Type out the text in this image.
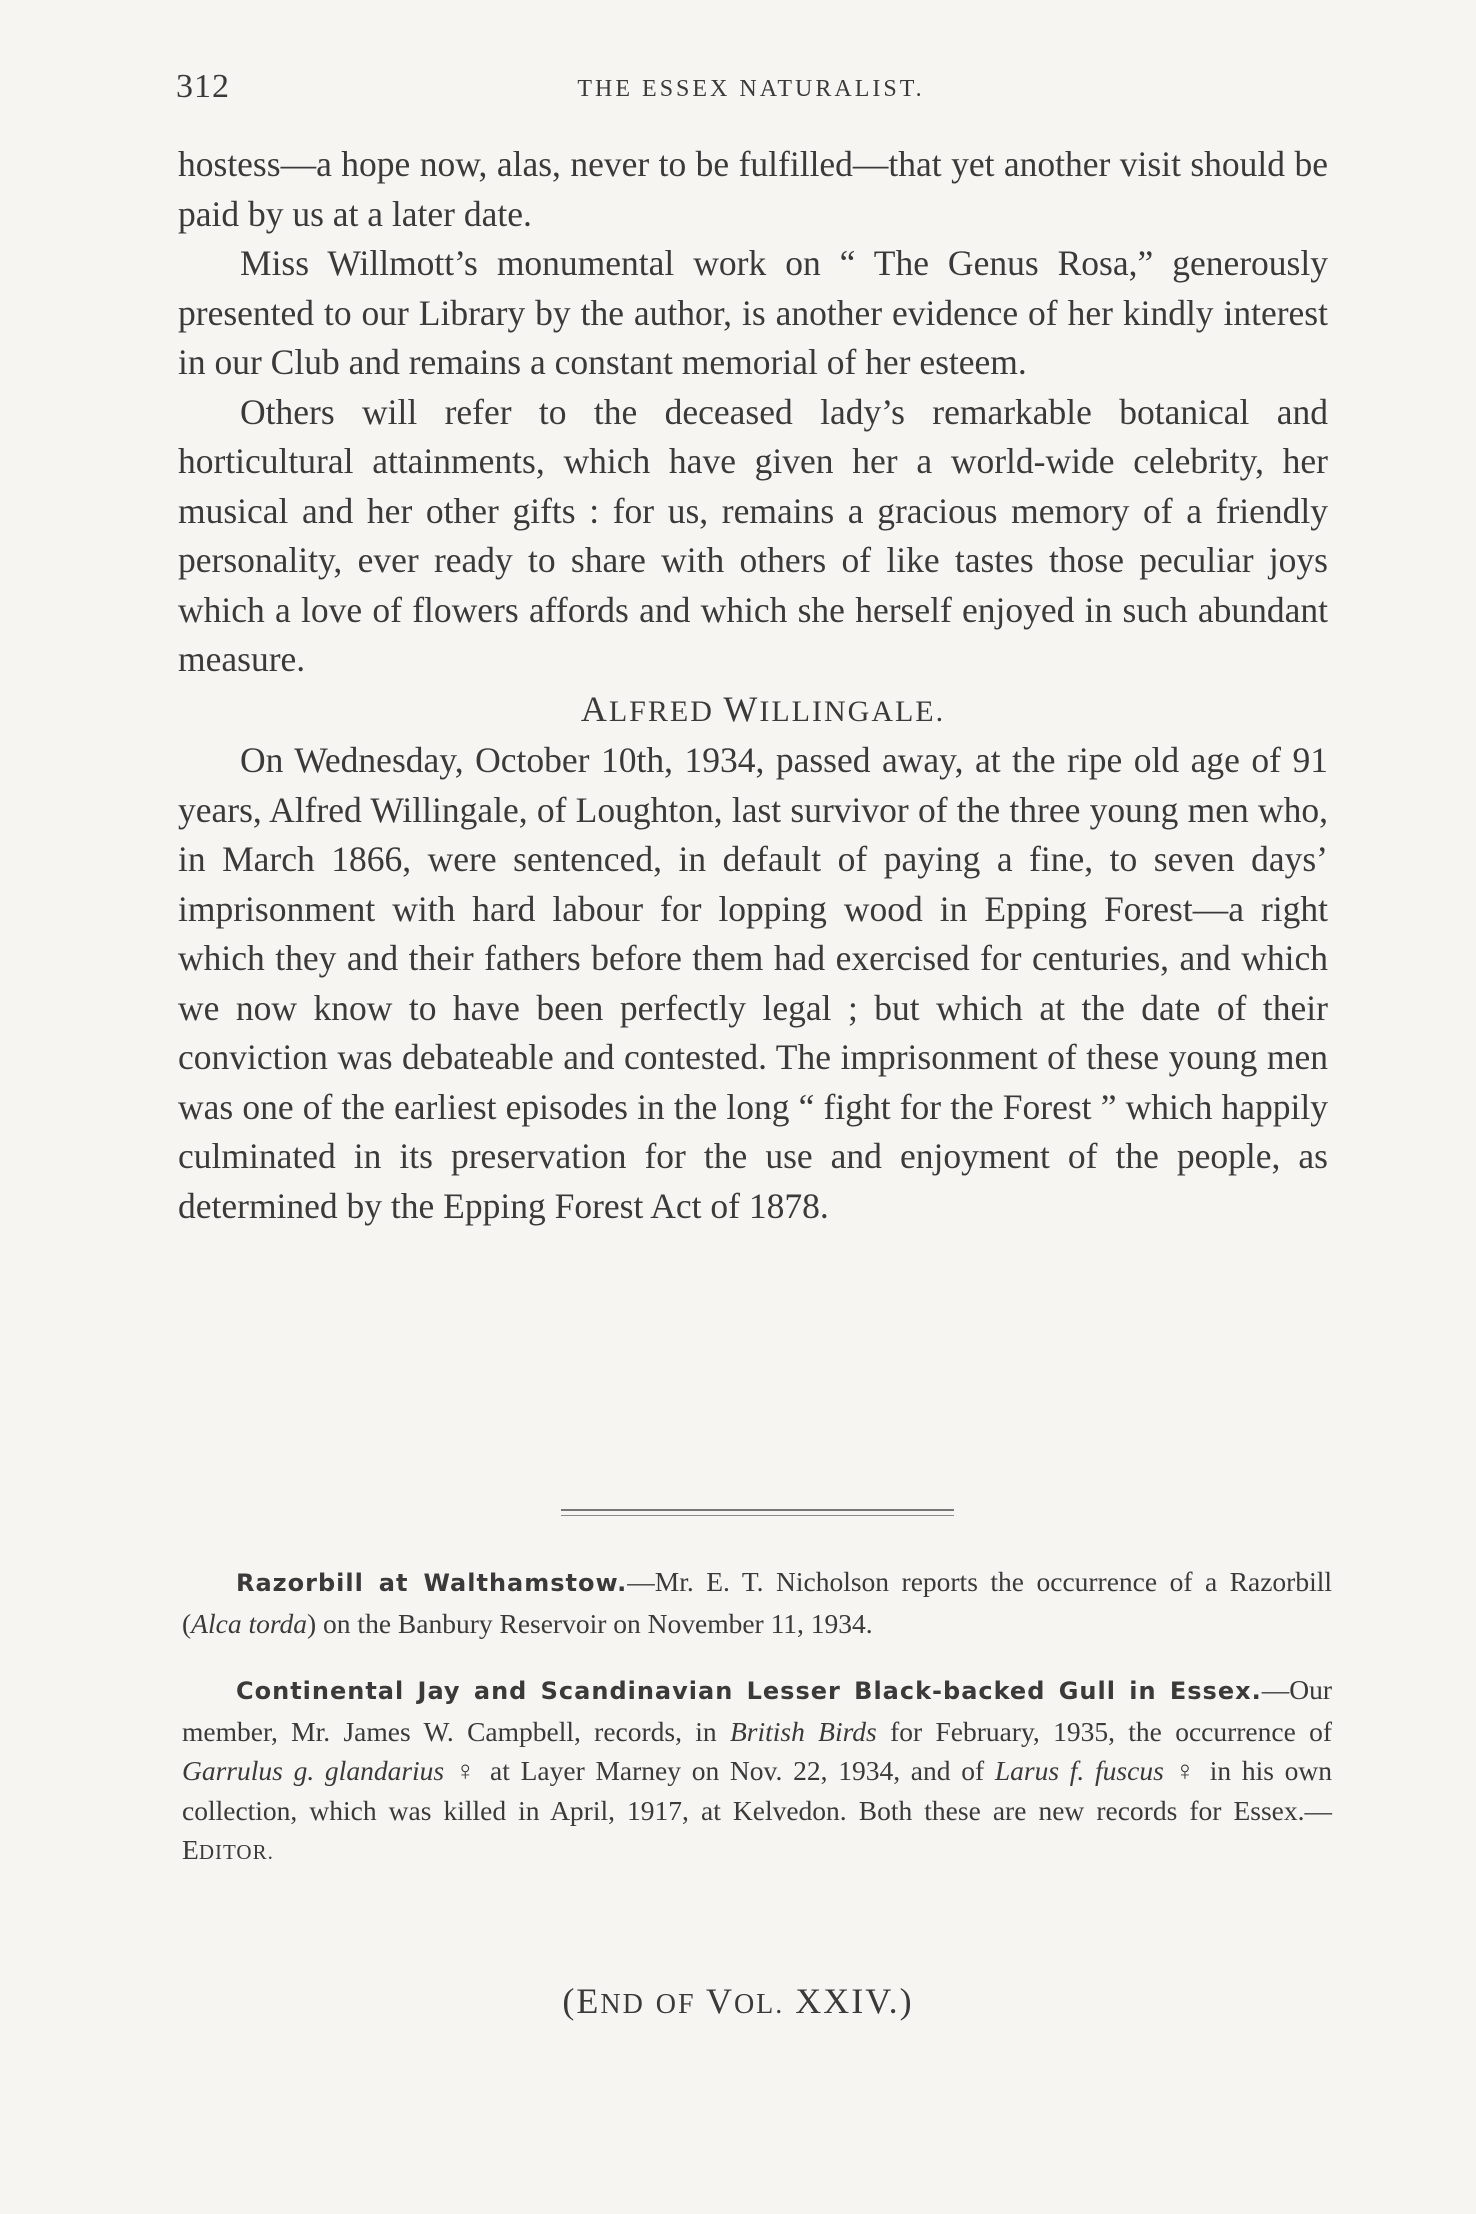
312	THE ESSEX NATURALIST.

hostess—a hope now, alas, never to be fulfilled—that yet another visit should be paid by us at a later date.

Miss Willmott’s monumental work on “ The Genus Rosa,” generously presented to our Library by the author, is another evidence of her kindly interest in our Club and remains a constant memorial of her esteem.

Others will refer to the deceased lady’s remarkable botanical and horticultural attainments, which have given her a world-wide celebrity, her musical and her other gifts : for us, remains a gracious memory of a friendly personality, ever ready to share with others of like tastes those peculiar joys which a love of flowers affords and which she herself enjoyed in such abundant measure.

ALFRED WILLINGALE.

On Wednesday, October 10th, 1934, passed away, at the ripe old age of 91 years, Alfred Willingale, of Loughton, last survivor of the three young men who, in March 1866, were sentenced, in default of paying a fine, to seven days’ imprisonment with hard labour for lopping wood in Epping Forest—a right which they and their fathers before them had exercised for centuries, and which we now know to have been perfectly legal ; but which at the date of their conviction was debateable and contested. The imprisonment of these young men was one of the earliest episodes in the long “ fight for the Forest ” which happily culminated in its preservation for the use and enjoyment of the people, as determined by the Epping Forest Act of 1878.

Razorbill at Walthamstow.—Mr. E. T. Nicholson reports the occurrence of a Razorbill (Alca torda) on the Banbury Reservoir on November 11, 1934.

Continental Jay and Scandinavian Lesser Black-backed Gull in Essex.—Our member, Mr. James W. Campbell, records, in British Birds for February, 1935, the occurrence of Garrulus g. glandarius ♀ at Layer Marney on Nov. 22, 1934, and of Larus f. fuscus ♀ in his own collection, which was killed in April, 1917, at Kelvedon. Both these are new records for Essex.—EDITOR.

(END OF VOL. XXIV.)
